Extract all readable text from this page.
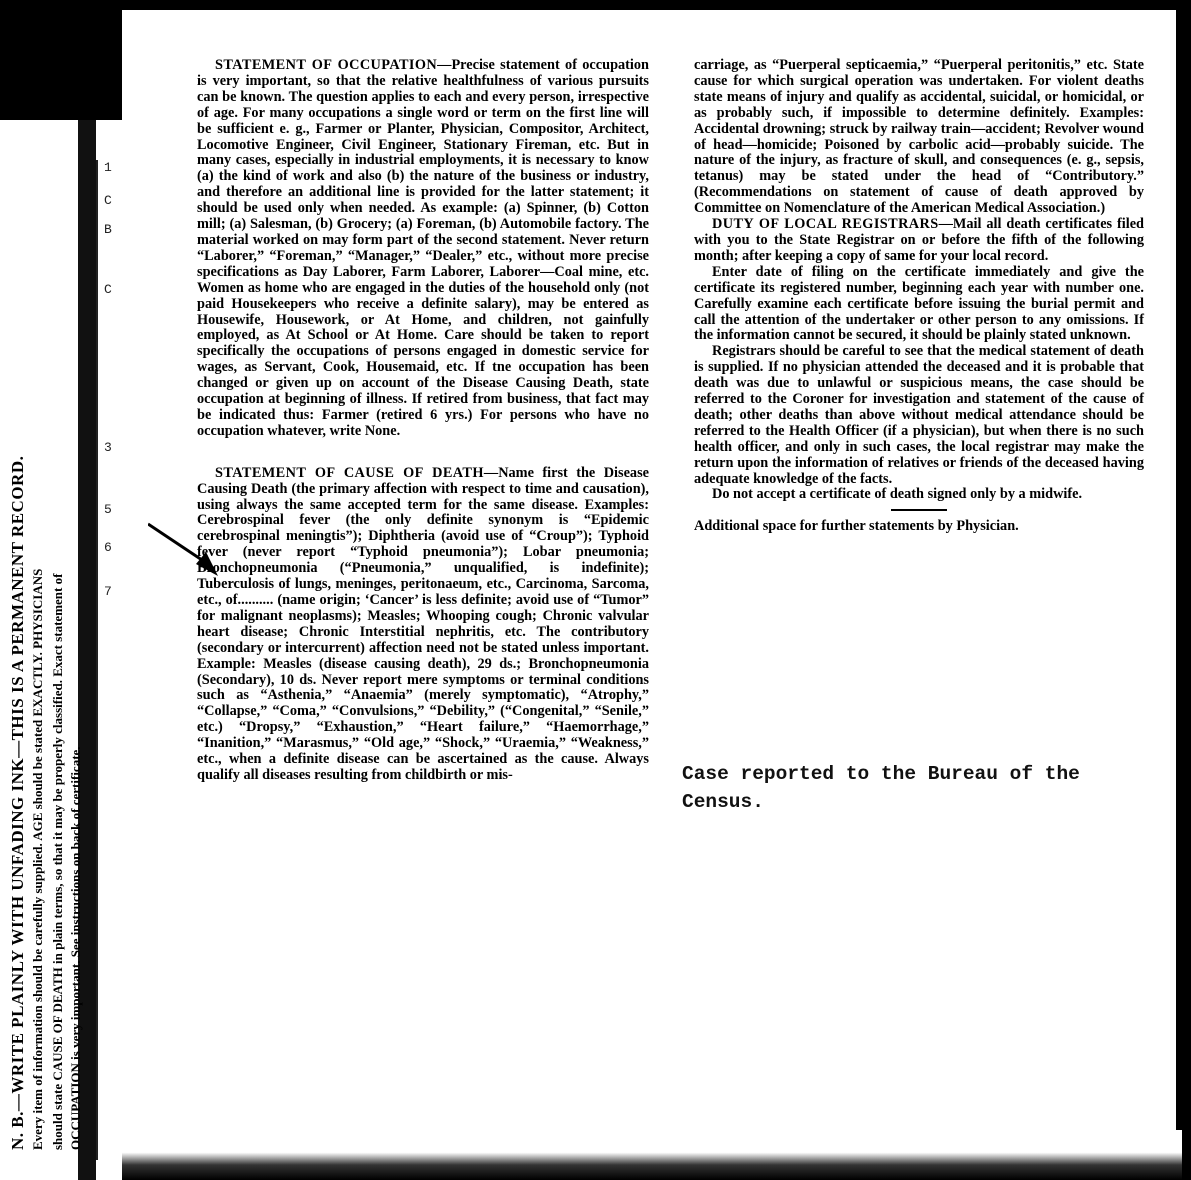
N. B.—WRITE PLAINLY WITH UNFADING INK—THIS IS A PERMANENT RECORD. Every item of information should be carefully supplied. AGE should be stated EXACTLY. PHYSICIANS should state CAUSE OF DEATH in plain terms, so that it may be properly classified. Exact statement of OCCUPATION is very important. See instructions on back of certificate.
1
C
B
C
3
5
6
7

STATEMENT OF OCCUPATION—Precise statement of occupation is very important, so that the relative healthfulness of various pursuits can be known. The question applies to each and every person, irrespective of age. For many occupations a single word or term on the first line will be sufficient e. g., Farmer or Planter, Physician, Compositor, Architect, Locomotive Engineer, Civil Engineer, Stationary Fireman, etc. But in many cases, especially in industrial employments, it is necessary to know (a) the kind of work and also (b) the nature of the business or industry, and therefore an additional line is provided for the latter statement; it should be used only when needed. As example: (a) Spinner, (b) Cotton mill; (a) Salesman, (b) Grocery; (a) Foreman, (b) Automobile factory. The material worked on may form part of the second statement. Never return “Laborer,” “Foreman,” “Manager,” “Dealer,” etc., without more precise specifications as Day Laborer, Farm Laborer, Laborer—Coal mine, etc. Women as home who are engaged in the duties of the household only (not paid Housekeepers who receive a definite salary), may be entered as Housewife, Housework, or At Home, and children, not gainfully employed, as At School or At Home. Care should be taken to report specifically the occupations of persons engaged in domestic service for wages, as Servant, Cook, Housemaid, etc. If tne occupation has been changed or given up on account of the Disease Causing Death, state occupation at beginning of illness. If retired from business, that fact may be indicated thus: Farmer (retired 6 yrs.) For persons who have no occupation whatever, write None.

STATEMENT OF CAUSE OF DEATH—Name first the Disease Causing Death (the primary affection with respect to time and causation), using always the same accepted term for the same disease. Examples: Cerebrospinal fever (the only definite synonym is “Epidemic cerebrospinal meningtis”); Diphtheria (avoid use of “Croup”); Typhoid fever (never report “Typhoid pneumonia”); Lobar pneumonia; Bronchopneumonia (“Pneumonia,” unqualified, is indefinite); Tuberculosis of lungs, meninges, peritonaeum, etc., Carcinoma, Sarcoma, etc., of.......... (name origin; ‘Cancer’ is less definite; avoid use of “Tumor” for malignant neoplasms); Measles; Whooping cough; Chronic valvular heart disease; Chronic Interstitial nephritis, etc. The contributory (secondary or intercurrent) affection need not be stated unless important. Example: Measles (disease causing death), 29 ds.; Bronchopneumonia (Secondary), 10 ds. Never report mere symptoms or terminal conditions such as “Asthenia,” “Anaemia” (merely symptomatic), “Atrophy,” “Collapse,” “Coma,” “Convulsions,” “Debility,” (“Congenital,” “Senile,” etc.) “Dropsy,” “Exhaustion,” “Heart failure,” “Haemorrhage,” “Inanition,” “Marasmus,” “Old age,” “Shock,” “Uraemia,” “Weakness,” etc., when a definite disease can be ascertained as the cause. Always qualify all diseases resulting from childbirth or mis-

carriage, as “Puerperal septicaemia,” “Puerperal peritonitis,” etc. State cause for which surgical operation was undertaken. For violent deaths state means of injury and qualify as accidental, suicidal, or homicidal, or as probably such, if impossible to determine definitely. Examples: Accidental drowning; struck by railway train—accident; Revolver wound of head—homicide; Poisoned by carbolic acid—probably suicide. The nature of the injury, as fracture of skull, and consequences (e. g., sepsis, tetanus) may be stated under the head of “Contributory.” (Recommendations on statement of cause of death approved by Committee on Nomenclature of the American Medical Association.)

DUTY OF LOCAL REGISTRARS—Mail all death certificates filed with you to the State Registrar on or before the fifth of the following month; after keeping a copy of same for your local record.

Enter date of filing on the certificate immediately and give the certificate its registered number, beginning each year with number one. Carefully examine each certificate before issuing the burial permit and call the attention of the undertaker or other person to any omissions. If the information cannot be secured, it should be plainly stated unknown.

Registrars should be careful to see that the medical statement of death is supplied. If no physician attended the deceased and it is probable that death was due to unlawful or suspicious means, the case should be referred to the Coroner for investigation and statement of the cause of death; other deaths than above without medical attendance should be referred to the Health Officer (if a physician), but when there is no such health officer, and only in such cases, the local registrar may make the return upon the information of relatives or friends of the deceased having adequate knowledge of the facts.

Do not accept a certificate of death signed only by a midwife.

Additional space for further statements by Physician.

Case reported to the Bureau of the Census.
